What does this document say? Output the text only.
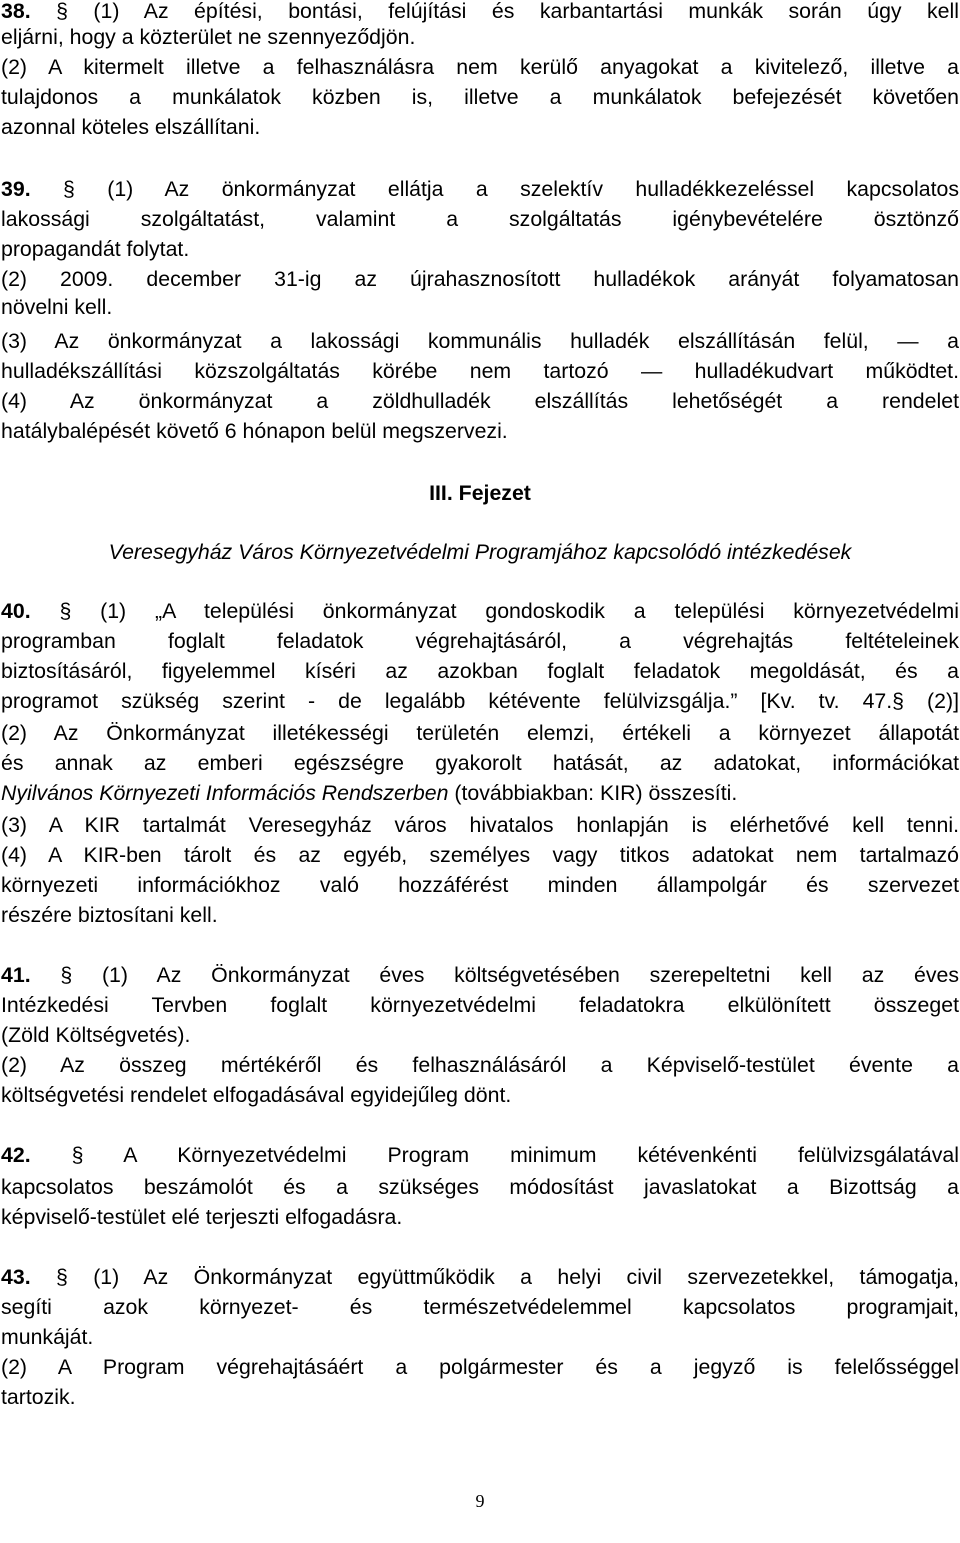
38. § (1) Az építési, bontási, felújítási és karbantartási munkák során úgy kell
eljárni, hogy a közterület ne szennyeződjön.
(2) A kitermelt illetve a felhasználásra nem kerülő anyagokat a kivitelező, illetve a
tulajdonos a munkálatok közben is, illetve a munkálatok befejezését követően
azonnal köteles elszállítani.
39. § (1) Az önkormányzat ellátja a szelektív hulladékkezeléssel kapcsolatos
lakossági szolgáltatást, valamint a szolgáltatás igénybevételére ösztönző
propagandát folytat.
(2) 2009. december 31-ig az újrahasznosított hulladékok arányát folyamatosan
növelni kell.
(3) Az önkormányzat a lakossági kommunális hulladék elszállításán felül, — a
hulladékszállítási közszolgáltatás körébe nem tartozó — hulladékudvart működtet.
(4) Az önkormányzat a zöldhulladék elszállítás lehetőségét a rendelet
hatálybalépését követő 6 hónapon belül megszervezi.
III. Fejezet
Veresegyház Város Környezetvédelmi Programjához kapcsolódó intézkedések
40. § (1) „A települési önkormányzat gondoskodik a települési környezetvédelmi
programban foglalt feladatok végrehajtásáról, a végrehajtás feltételeinek
biztosításáról, figyelemmel kíséri az azokban foglalt feladatok megoldását, és a
programot szükség szerint - de legalább kétévente felülvizsgálja.” [Kv. tv. 47.§ (2)]
(2) Az Önkormányzat illetékességi területén elemzi, értékeli a környezet állapotát
és annak az emberi egészségre gyakorolt hatását, az adatokat, információkat
Nyilvános Környezeti Információs Rendszerben (továbbiakban: KIR) összesíti.
(3) A KIR tartalmát Veresegyház város hivatalos honlapján is elérhetővé kell tenni.
(4) A KIR-ben tárolt és az egyéb, személyes vagy titkos adatokat nem tartalmazó
környezeti információkhoz való hozzáférést minden állampolgár és szervezet
részére biztosítani kell.
41. § (1) Az Önkormányzat éves költségvetésében szerepeltetni kell az éves
Intézkedési Tervben foglalt környezetvédelmi feladatokra elkülönített összeget
(Zöld Költségvetés).
(2) Az összeg mértékéről és felhasználásáról a Képviselő-testület évente a
költségvetési rendelet elfogadásával egyidejűleg dönt.
42. § A Környezetvédelmi Program minimum kétévenkénti felülvizsgálatával
kapcsolatos beszámolót és a szükséges módosítást javaslatokat a Bizottság a
képviselő-testület elé terjeszti elfogadásra.
43. § (1) Az Önkormányzat együttműködik a helyi civil szervezetekkel, támogatja,
segíti azok környezet- és természetvédelemmel kapcsolatos programjait,
munkáját.
(2) A Program végrehajtásáért a polgármester és a jegyző is felelősséggel
tartozik.
9
